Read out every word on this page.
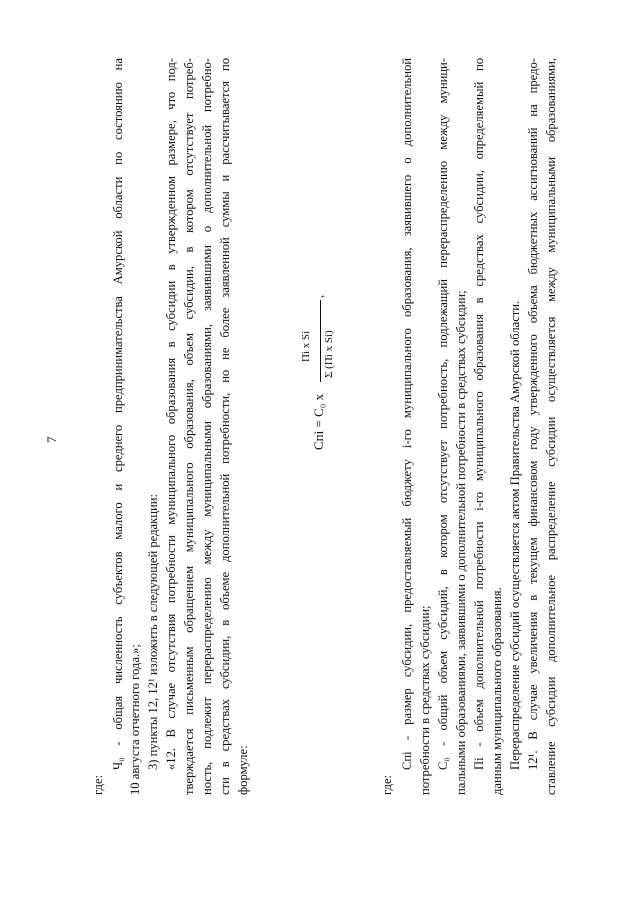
7
где:
Ч₀ - общая численность субъектов малого и среднего предпринимательства Амурской области по состоянию на 10 августа отчетного года.»; 3) пункты 12, 12¹ изложить в следующей редакции: «12. В случае отсутствия потребности муниципального образования в субсидии в утвержденном размере, что под- тверждается письменным обращением муниципального образования, объем субсидии, в котором отсутствует потреб- ность, подлежит перераспределению между муниципальными образованиями, заявившими о дополнительной потребно- сти в средствах субсидии, в объеме дополнительной потребности, но не более заявленной суммы и рассчитывается по формуле:
Cпi = C₀ x
Пi x Si Σ (Пi x Si)
,
где:
Cпi - размер субсидии, предоставляемый бюджету i-го муниципального образования, заявившего о дополнительной потребности в средствах субсидии; C₀ - общий объем субсидий, в котором отсутствует потребность, подлежащий перераспределению между муници- пальными образованиями, заявившими о дополнительной потребности в средствах субсидии; Пi - объем дополнительной потребности i-го муниципального образования в средствах субсидии, определяемый по данным муниципального образования. Перераспределение субсидий осуществляется актом Правительства Амурской области. 12¹. В случае увеличения в текущем финансовом году утвержденного объема бюджетных ассигнований на предо- ставление субсидии дополнительное распределение субсидии осуществляется между муниципальными образованиями,
